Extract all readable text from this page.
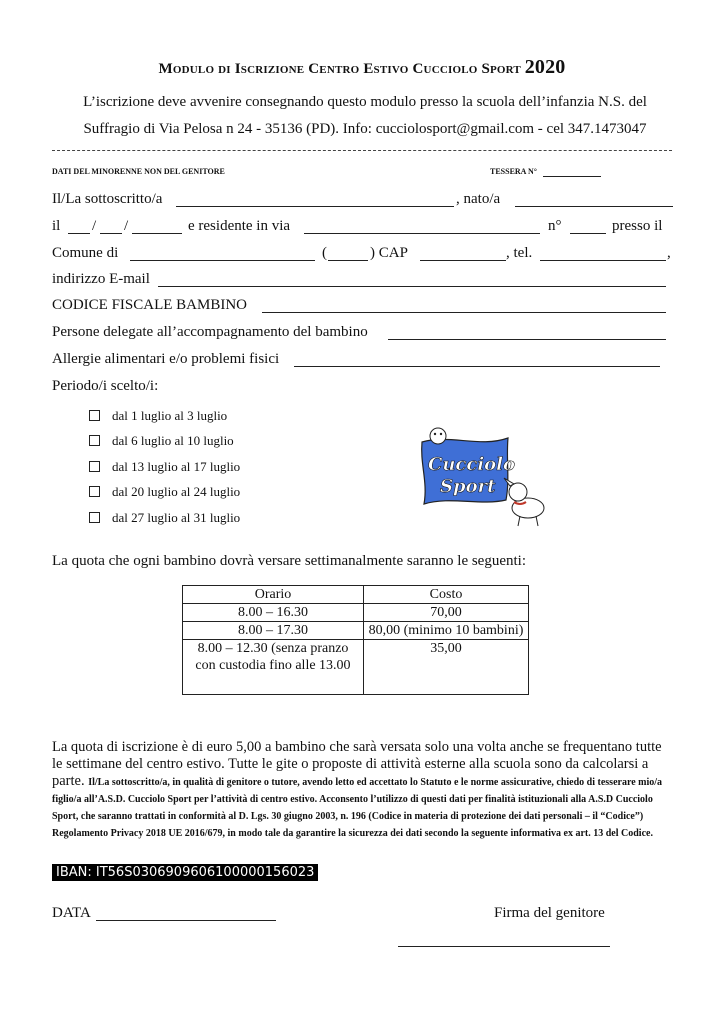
Modulo di Iscrizione Centro Estivo Cucciolo Sport 2020
L’iscrizione deve avvenire consegnando questo modulo presso la scuola dell’infanzia N.S. del
Suffragio di Via Pelosa n 24 - 35136 (PD). Info: cucciolosport@gmail.com - cel 347.1473047
DATI DEL MINORENNE NON DEL GENITORE	TESSERA N°
Il/La sottoscritto/a	, nato/a
il / /	e residente in via	n°	presso il
Comune di	(	) CAP	, tel.	,
indirizzo E-mail
CODICE FISCALE BAMBINO
Persone delegate all’accompagnamento del bambino
Allergie alimentari e/o problemi fisici
Periodo/i scelto/i:
dal 1 luglio al 3 luglio
dal 6 luglio al 10 luglio
dal 13 luglio al 17 luglio
dal 20 luglio al 24 luglio
dal 27 luglio al 31 luglio
Cucciolo
Sport
La quota che ogni bambino dovrà versare settimanalmente saranno le seguenti:
Orario	Costo
8.00 – 16.30	70,00
8.00 – 17.30	80,00 (minimo 10 bambini)
8.00 – 12.30 (senza pranzo con custodia fino alle 13.00	35,00
La quota di iscrizione è di euro 5,00 a bambino che sarà versata solo una volta anche se frequentano tutte le settimane del centro estivo. Tutte le gite o proposte di attività esterne alla scuola sono da calcolarsi a parte. Il/La sottoscritto/a, in qualità di genitore o tutore, avendo letto ed accettato lo Statuto e le norme assicurative, chiedo di tesserare mio/a figlio/a all’A.S.D. Cucciolo Sport per l’attività di centro estivo. Acconsento l’utilizzo di questi dati per finalità istituzionali alla A.S.D Cucciolo Sport, che saranno trattati in conformità al D. Lgs. 30 giugno 2003, n. 196 (Codice in materia di protezione dei dati personali – il “Codice”) Regolamento Privacy 2018 UE 2016/679, in modo tale da garantire la sicurezza dei dati secondo la seguente informativa ex art. 13 del Codice.
IBAN: IT56S0306909606100000156023
DATA	Firma del genitore
